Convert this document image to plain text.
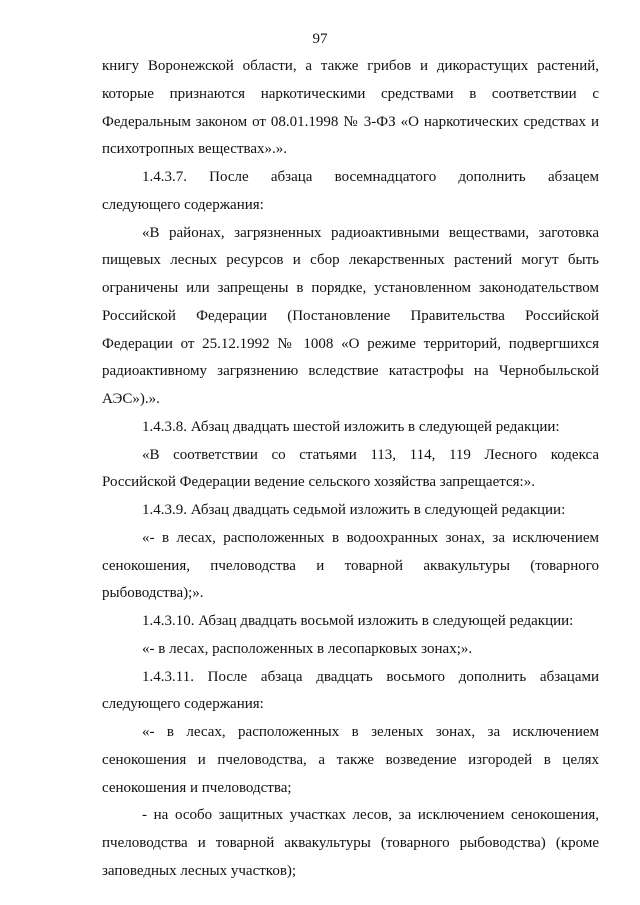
97
книгу Воронежской области, а также грибов и дикорастущих растений,
которые признаются наркотическими средствами в соответствии с
Федеральным законом от 08.01.1998 № 3-ФЗ «О наркотических средствах и
психотропных веществах».».
1.4.3.7. После абзаца восемнадцатого дополнить абзацем
следующего содержания:
«В районах, загрязненных радиоактивными веществами, заготовка
пищевых лесных ресурсов и сбор лекарственных растений могут быть
ограничены или запрещены в порядке, установленном законодательством
Российской Федерации (Постановление Правительства Российской
Федерации от 25.12.1992 № 1008 «О режиме территорий, подвергшихся
радиоактивному загрязнению вследствие катастрофы на Чернобыльской
АЭС»).».
1.4.3.8. Абзац двадцать шестой изложить в следующей редакции:
«В соответствии со статьями 113, 114, 119 Лесного кодекса
Российской Федерации ведение сельского хозяйства запрещается:».
1.4.3.9. Абзац двадцать седьмой изложить в следующей редакции:
«- в лесах, расположенных в водоохранных зонах, за исключением
сенокошения, пчеловодства и товарной аквакультуры (товарного
рыбоводства);».
1.4.3.10. Абзац двадцать восьмой изложить в следующей редакции:
«- в лесах, расположенных в лесопарковых зонах;».
1.4.3.11. После абзаца двадцать восьмого дополнить абзацами
следующего содержания:
«- в лесах, расположенных в зеленых зонах, за исключением
сенокошения и пчеловодства, а также возведение изгородей в целях
сенокошения и пчеловодства;
- на особо защитных участках лесов, за исключением сенокошения,
пчеловодства и товарной аквакультуры (товарного рыбоводства) (кроме
заповедных лесных участков);
